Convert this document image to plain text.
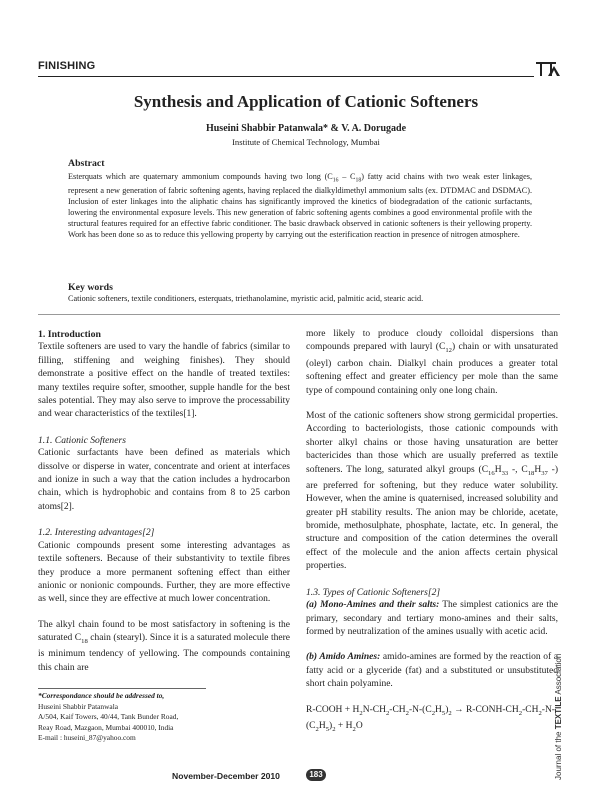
FINISHING
Synthesis and Application of Cationic Softeners
Huseini Shabbir Patanwala* & V. A. Dorugade
Institute of Chemical Technology, Mumbai
Abstract
Esterquats which are quaternary ammonium compounds having two long $(C_{16} - C_{18})$ fatty acid chains with two weak ester linkages, represent a new generation of fabric softening agents, having replaced the dialkyldimethyl ammonium salts (ex. DTDMAC and DSDMAC). Inclusion of ester linkages into the aliphatic chains has significantly improved the kinetics of biodegradation of the cationic surfactants, lowering the environmental exposure levels. This new generation of fabric softening agents combines a good environmental profile with the structural features required for an effective fabric conditioner. The basic drawback observed in cationic softeners is their yellowing property. Work has been done so as to reduce this yellowing property by carrying out the esterification reaction in presence of nitrogen atmosphere.
Key words
Cationic softeners, textile conditioners, esterquats, triethanolamine, myristic acid, palmitic acid, stearic acid.
1. Introduction

Textile softeners are used to vary the handle of fabrics (similar to filling, stiffening and weighing finishes). They should demonstrate a positive effect on the handle of treated textiles: many textiles require softer, smoother, supple handle for the best sales potential. They may also serve to improve the processability and wear characteristics of the textiles[1].

1.1. Cationic Softeners

Cationic surfactants have been defined as materials which dissolve or disperse in water, concentrate and orient at interfaces and ionize in such a way that the cation includes a hydrocarbon chain, which is hydrophobic and contains from 8 to 25 carbon atoms[2].

1.2. Interesting advantages[2]

Cationic compounds present some interesting advantages as textile softeners. Because of their substantivity to textile fibres they produce a more permanent softening effect than either anionic or nonionic compounds. Further, they are more effective as well, since they are effective at much lower concentration.

The alkyl chain found to be most satisfactory in softening is the saturated $C_{18}$ chain (stearyl). Since it is a saturated molecule there is minimum tendency of yellowing. The compounds containing this chain are

*Correspondance should be addressed to,
Huseini Shabbir Patanwala
A/504, Kaif Towers, 40/44, Tank Bunder Road,
Reay Road, Mazgaon, Mumbai 400010, India
E-mail : huseini_87@yahoo.com

more likely to produce cloudy colloidal dispersions than compounds prepared with lauryl $(C_{12})$ chain or with unsaturated (oleyl) carbon chain. Dialkyl chain produces a greater total softening effect and greater efficiency per mole than the same type of compound containing only one long chain.

Most of the cationic softeners show strong germicidal properties. According to bacteriologists, those cationic compounds with shorter alkyl chains or those having unsaturation are better bactericides than those which are usually preferred as textile softeners. The long, saturated alkyl groups ($C_{16}H_{33}$ -, $C_{18}H_{37}$ -) are preferred for softening, but they reduce water solubility. However, when the amine is quaternised, increased solubility and greater pH stability results. The anion may be chloride, acetate, bromide, methosulphate, phosphate, lactate, etc. In general, the structure and composition of the cation determines the overall effect of the molecule and the anion affects certain physical properties.

1.3. Types of Cationic Softeners[2]

(a) Mono-Amines and their salts: The simplest cationics are the primary, secondary and tertiary mono-amines and their salts, formed by neutralization of the amines usually with acetic acid.

(b) Amido Amines: amido-amines are formed by the reaction of a fatty acid or a glyceride (fat) and a substituted or unsubstituted short chain polyamine.

R-COOH + $H_2N-CH_2-CH_2-N-(C_2H_5)_2$ → $R-CONH-CH_2-CH_2-N-(C_2H_5)_2 + H_2O$

November-December 2010	183	Journal of the TEXTILE Association
